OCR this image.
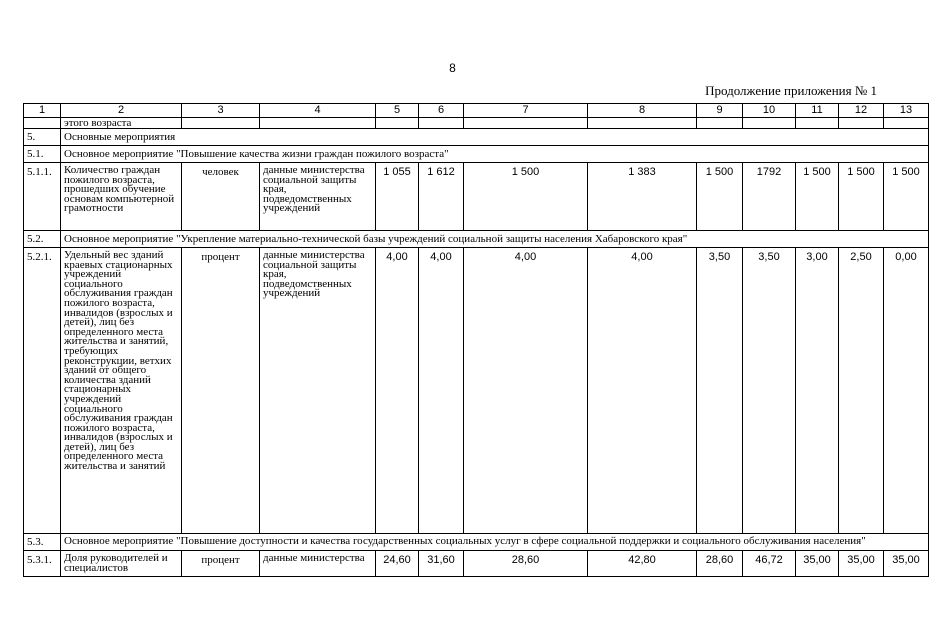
8
Продолжение приложения № 1
1	2	3	4	5	6	7	8	9	10	11	12	13
	этого возраста											
5.	Основные мероприятия											
5.1.	Основное мероприятие "Повышение качества жизни граждан пожилого возраста"											
5.1.1.	Количество граждан пожилого возраста, прошедших обучение основам компьютерной грамотности	человек	данные министерства социальной защиты края, подведомственных учреждений	1 055	1 612	1 500	1 383	1 500	1792	1 500	1 500	1 500
5.2.	Основное мероприятие "Укрепление материально-технической базы учреждений социальной защиты населения Хабаровского края"											
5.2.1.	Удельный вес зданий краевых стационарных учреждений социального обслуживания граждан пожилого возраста, инвалидов (взрослых и детей), лиц без определенного места жительства и занятий, требующих реконструкции, ветхих зданий от общего количества зданий стационарных учреждений социального обслуживания граждан пожилого возраста, инвалидов (взрослых и детей), лиц без определенного места жительства и занятий	процент	данные министерства социальной защиты края, подведомственных учреждений	4,00	4,00	4,00	4,00	3,50	3,50	3,00	2,50	0,00
5.3.	Основное мероприятие "Повышение доступности и качества государственных социальных услуг в сфере социальной поддержки и социального обслуживания населения"											
5.3.1.	Доля руководителей и специалистов	процент	данные министерства	24,60	31,60	28,60	42,80	28,60	46,72	35,00	35,00	35,00
